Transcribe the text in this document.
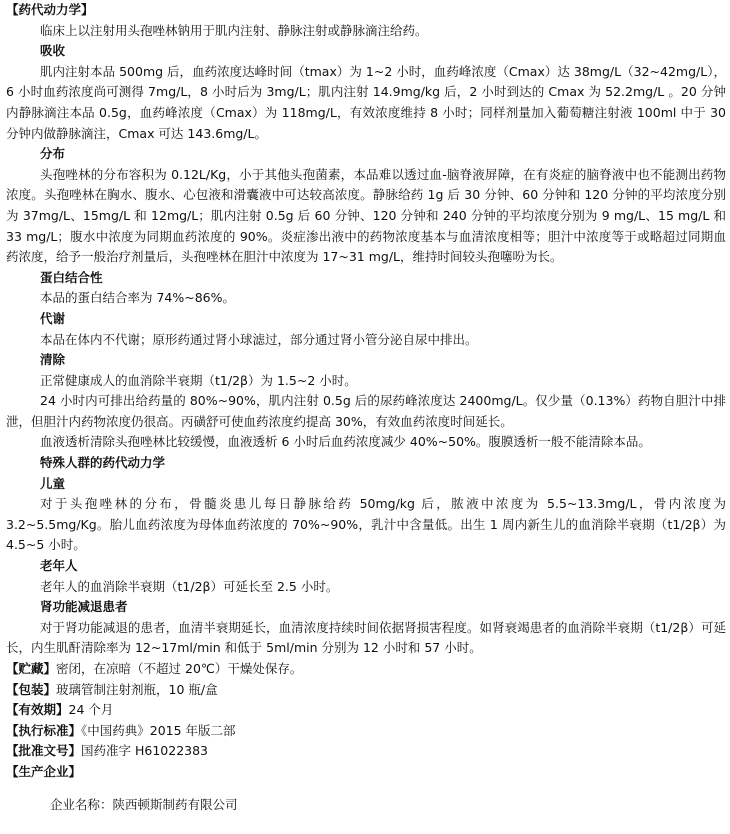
【药代动力学】

临床上以注射用头孢唑林钠用于肌内注射、静脉注射或静脉滴注给药。

吸收

肌内注射本品 500mg 后，血药浓度达峰时间（tmax）为 1~2 小时，血药峰浓度（Cmax）达 38mg/L（32~42mg/L），6 小时血药浓度尚可测得 7mg/L，8 小时后为 3mg/L；肌内注射 14.9mg/kg 后，2 小时到达的 Cmax 为 52.2mg/L 。20 分钟内静脉滴注本品 0.5g，血药峰浓度（Cmax）为 118mg/L，有效浓度维持 8 小时；同样剂量加入葡萄糖注射液 100ml 中于 30 分钟内做静脉滴注，Cmax 可达 143.6mg/L。

分布

头孢唑林的分布容积为 0.12L/Kg，小于其他头孢菌素，本品难以透过血-脑脊液屏障，在有炎症的脑脊液中也不能测出药物浓度。头孢唑林在胸水、腹水、心包液和滑囊液中可达较高浓度。静脉给药 1g 后 30 分钟、60 分钟和 120 分钟的平均浓度分别为 37mg/L、15mg/L 和 12mg/L；肌内注射 0.5g 后 60 分钟、120 分钟和 240 分钟的平均浓度分别为 9 mg/L、15 mg/L 和 33 mg/L；腹水中浓度为同期血药浓度的 90%。炎症渗出液中的药物浓度基本与血清浓度相等；胆汁中浓度等于或略超过同期血药浓度，给予一般治疗剂量后，头孢唑林在胆汁中浓度为 17~31 mg/L，维持时间较头孢噻吩为长。

蛋白结合性

本品的蛋白结合率为 74%~86%。

代谢

本品在体内不代谢；原形药通过肾小球滤过，部分通过肾小管分泌自尿中排出。

清除

正常健康成人的血消除半衰期（t1/2β）为 1.5~2 小时。

24 小时内可排出给药量的 80%~90%，肌内注射 0.5g 后的尿药峰浓度达 2400mg/L。仅少量（0.13%）药物自胆汁中排泄，但胆汁内药物浓度仍很高。丙磺舒可使血药浓度约提高 30%，有效血药浓度时间延长。

血液透析清除头孢唑林比较缓慢，血液透析 6 小时后血药浓度减少 40%~50%。腹膜透析一般不能清除本品。

特殊人群的药代动力学

儿童

对于头孢唑林的分布，骨髓炎患儿每日静脉给药 50mg/kg 后，脓液中浓度为 5.5~13.3mg/L，骨内浓度为 3.2~5.5mg/Kg。胎儿血药浓度为母体血药浓度的 70%~90%，乳汁中含量低。出生 1 周内新生儿的血消除半衰期（t1/2β）为 4.5~5 小时。

老年人

老年人的血消除半衰期（t1/2β）可延长至 2.5 小时。

肾功能减退患者

对于肾功能减退的患者，血清半衰期延长，血清浓度持续时间依据肾损害程度。如肾衰竭患者的血消除半衰期（t1/2β）可延长，内生肌酐清除率为 12~17ml/min 和低于 5ml/min 分别为 12 小时和 57 小时。

【贮藏】密闭，在凉暗（不超过 20℃）干燥处保存。

【包装】玻璃管制注射剂瓶，10 瓶/盒

【有效期】24 个月

【执行标准】《中国药典》2015 年版二部

【批准文号】国药准字 H61022383

【生产企业】

企业名称：陕西顿斯制药有限公司
